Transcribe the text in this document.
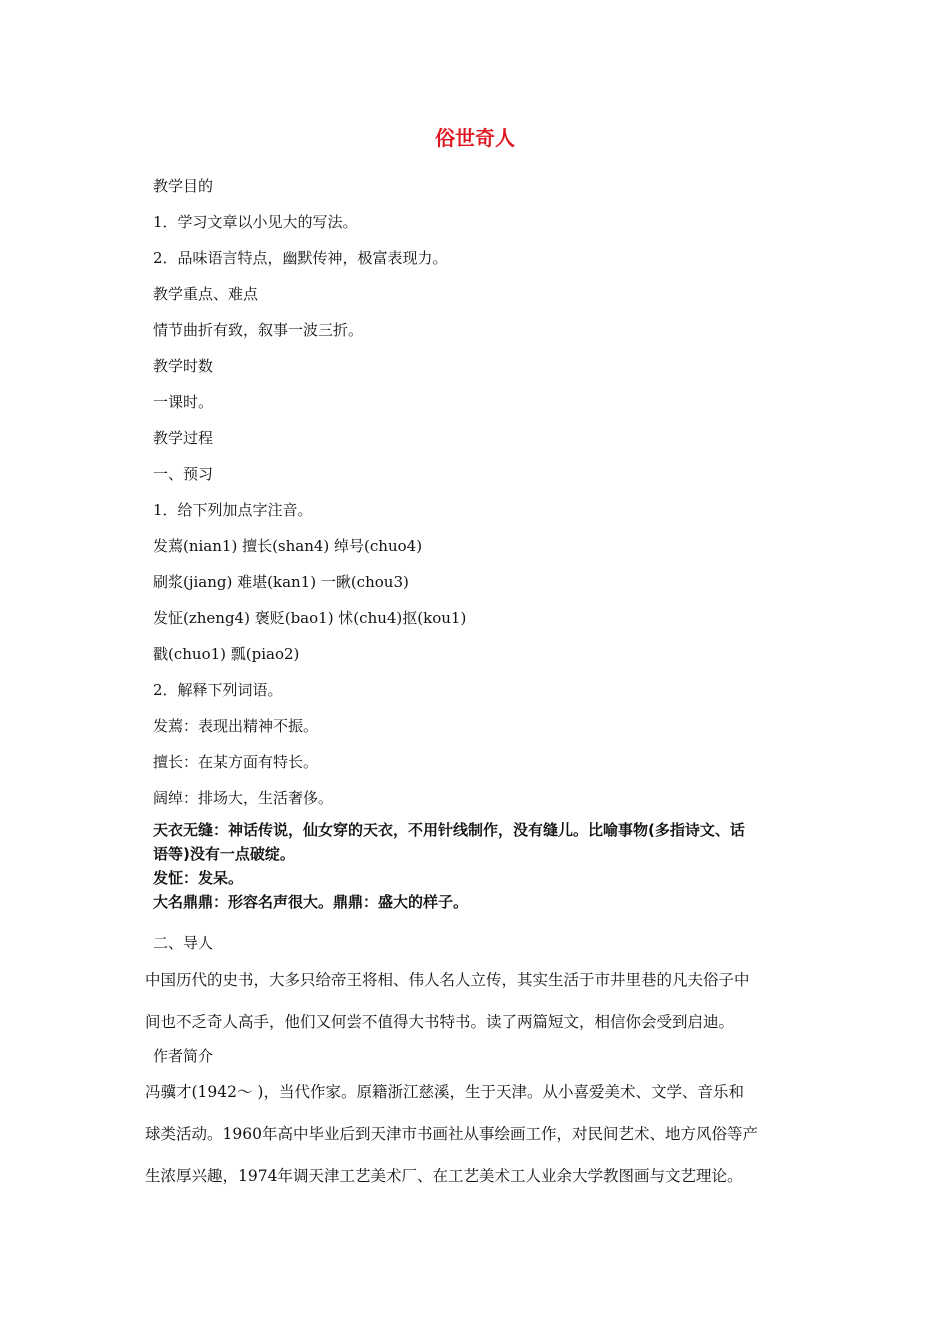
俗世奇人
教学目的
1．学习文章以小见大的写法。
2．品味语言特点，幽默传神，极富表现力。
教学重点、难点
情节曲折有致，叙事一波三折。
教学时数
一课时。
教学过程
一、预习
1．给下列加点字注音。
发蔫(nian1) 擅长(shan4) 绰号(chuo4)
刷浆(jiang) 难堪(kan1) 一瞅(chou3)
发怔(zheng4) 褒贬(bao1) 怵(chu4)抠(kou1)
戳(chuo1) 瓢(piao2)
2．解释下列词语。
发蔫：表现出精神不振。
擅长：在某方面有特长。
阔绰：排场大，生活奢侈。
天衣无缝：神话传说，仙女穿的天衣，不用针线制作，没有缝儿。比喻事物(多指诗文、话
语等)没有一点破绽。
发怔：发呆。
大名鼎鼎：形容名声很大。鼎鼎：盛大的样子。
二、导人
中国历代的史书，大多只给帝王将相、伟人名人立传，其实生活于市井里巷的凡夫俗子中
间也不乏奇人高手，他们又何尝不值得大书特书。读了两篇短文，相信你会受到启迪。
作者简介
冯骥才(1942～ )，当代作家。原籍浙江慈溪，生于天津。从小喜爱美术、文学、音乐和
球类活动。1960年高中毕业后到天津市书画社从事绘画工作，对民间艺术、地方风俗等产
生浓厚兴趣，1974年调天津工艺美术厂、在工艺美术工人业余大学教图画与文艺理论。
